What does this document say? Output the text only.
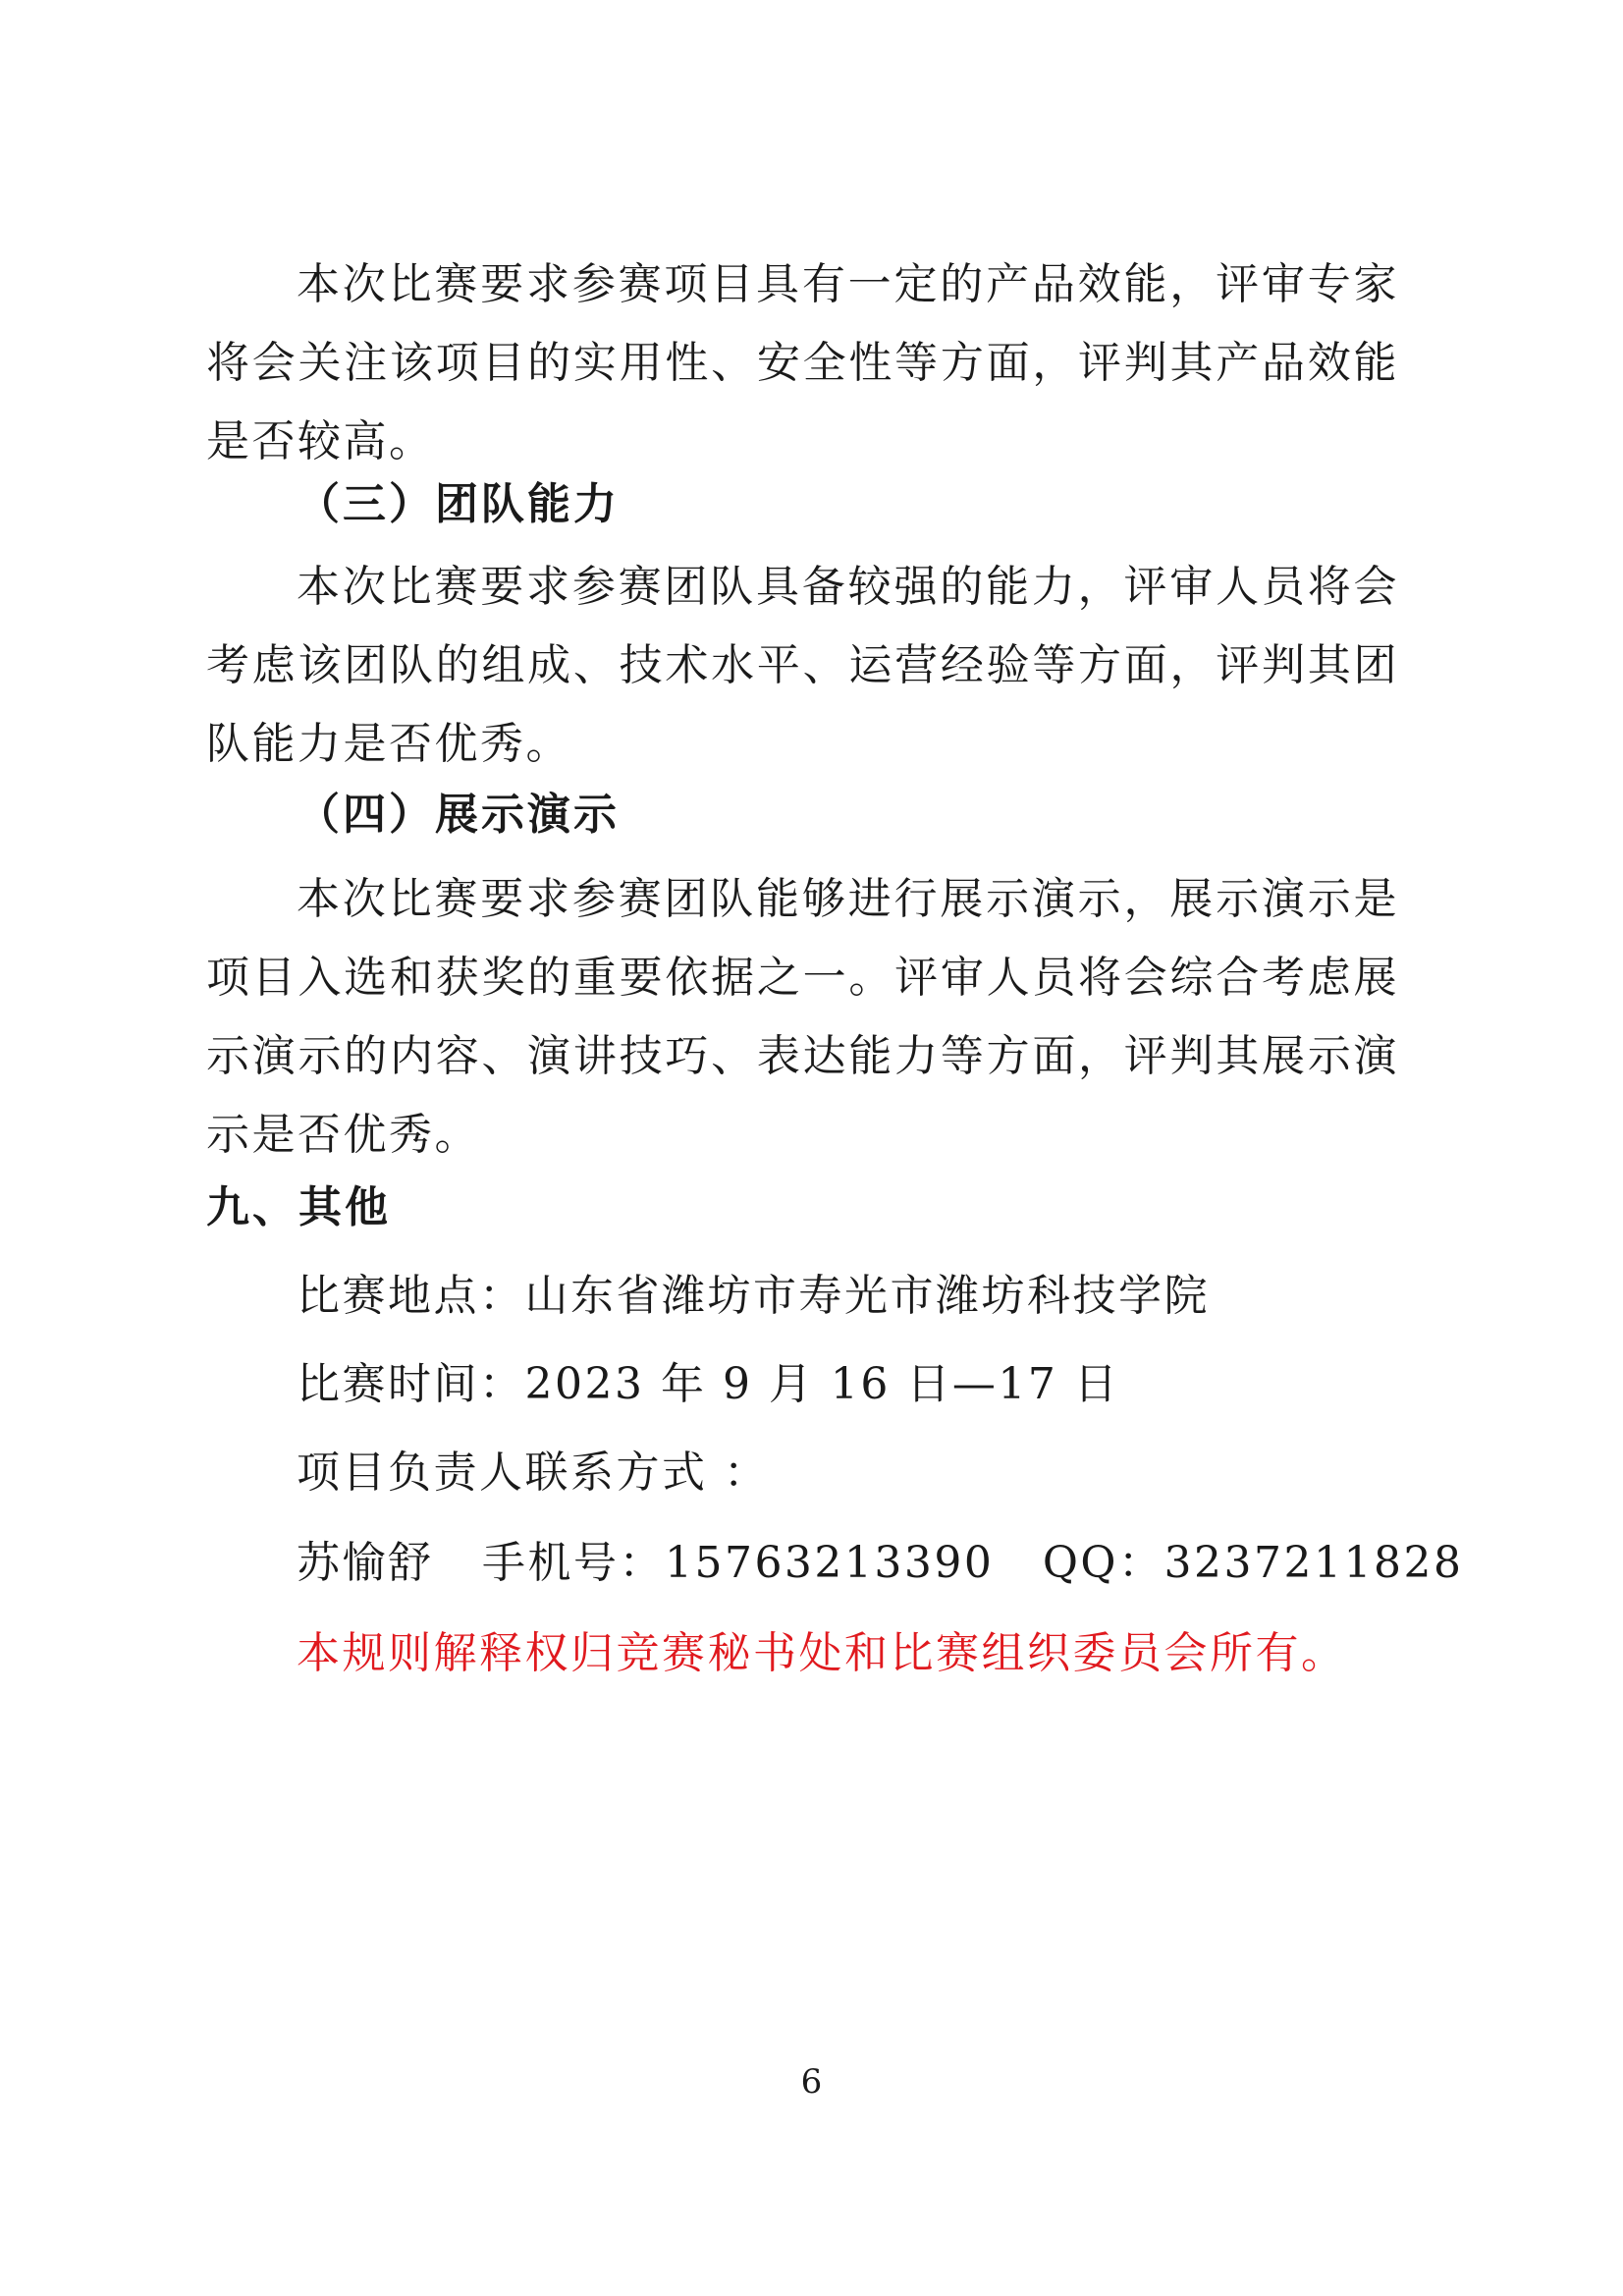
本次比赛要求参赛项目具有一定的产品效能，评审专家将会关注该项目的实用性、安全性等方面，评判其产品效能是否较高。

（三）团队能力

本次比赛要求参赛团队具备较强的能力，评审人员将会考虑该团队的组成、技术水平、运营经验等方面，评判其团队能力是否优秀。

（四）展示演示

本次比赛要求参赛团队能够进行展示演示，展示演示是项目入选和获奖的重要依据之一。评审人员将会综合考虑展示演示的内容、演讲技巧、表达能力等方面，评判其展示演示是否优秀。

九、其他

比赛地点：山东省潍坊市寿光市潍坊科技学院

比赛时间：2023 年 9 月 16 日—17 日

项目负责人联系方式 ：

苏愉舒   手机号：15763213390   QQ：3237211828

本规则解释权归竞赛秘书处和比赛组织委员会所有。

6
